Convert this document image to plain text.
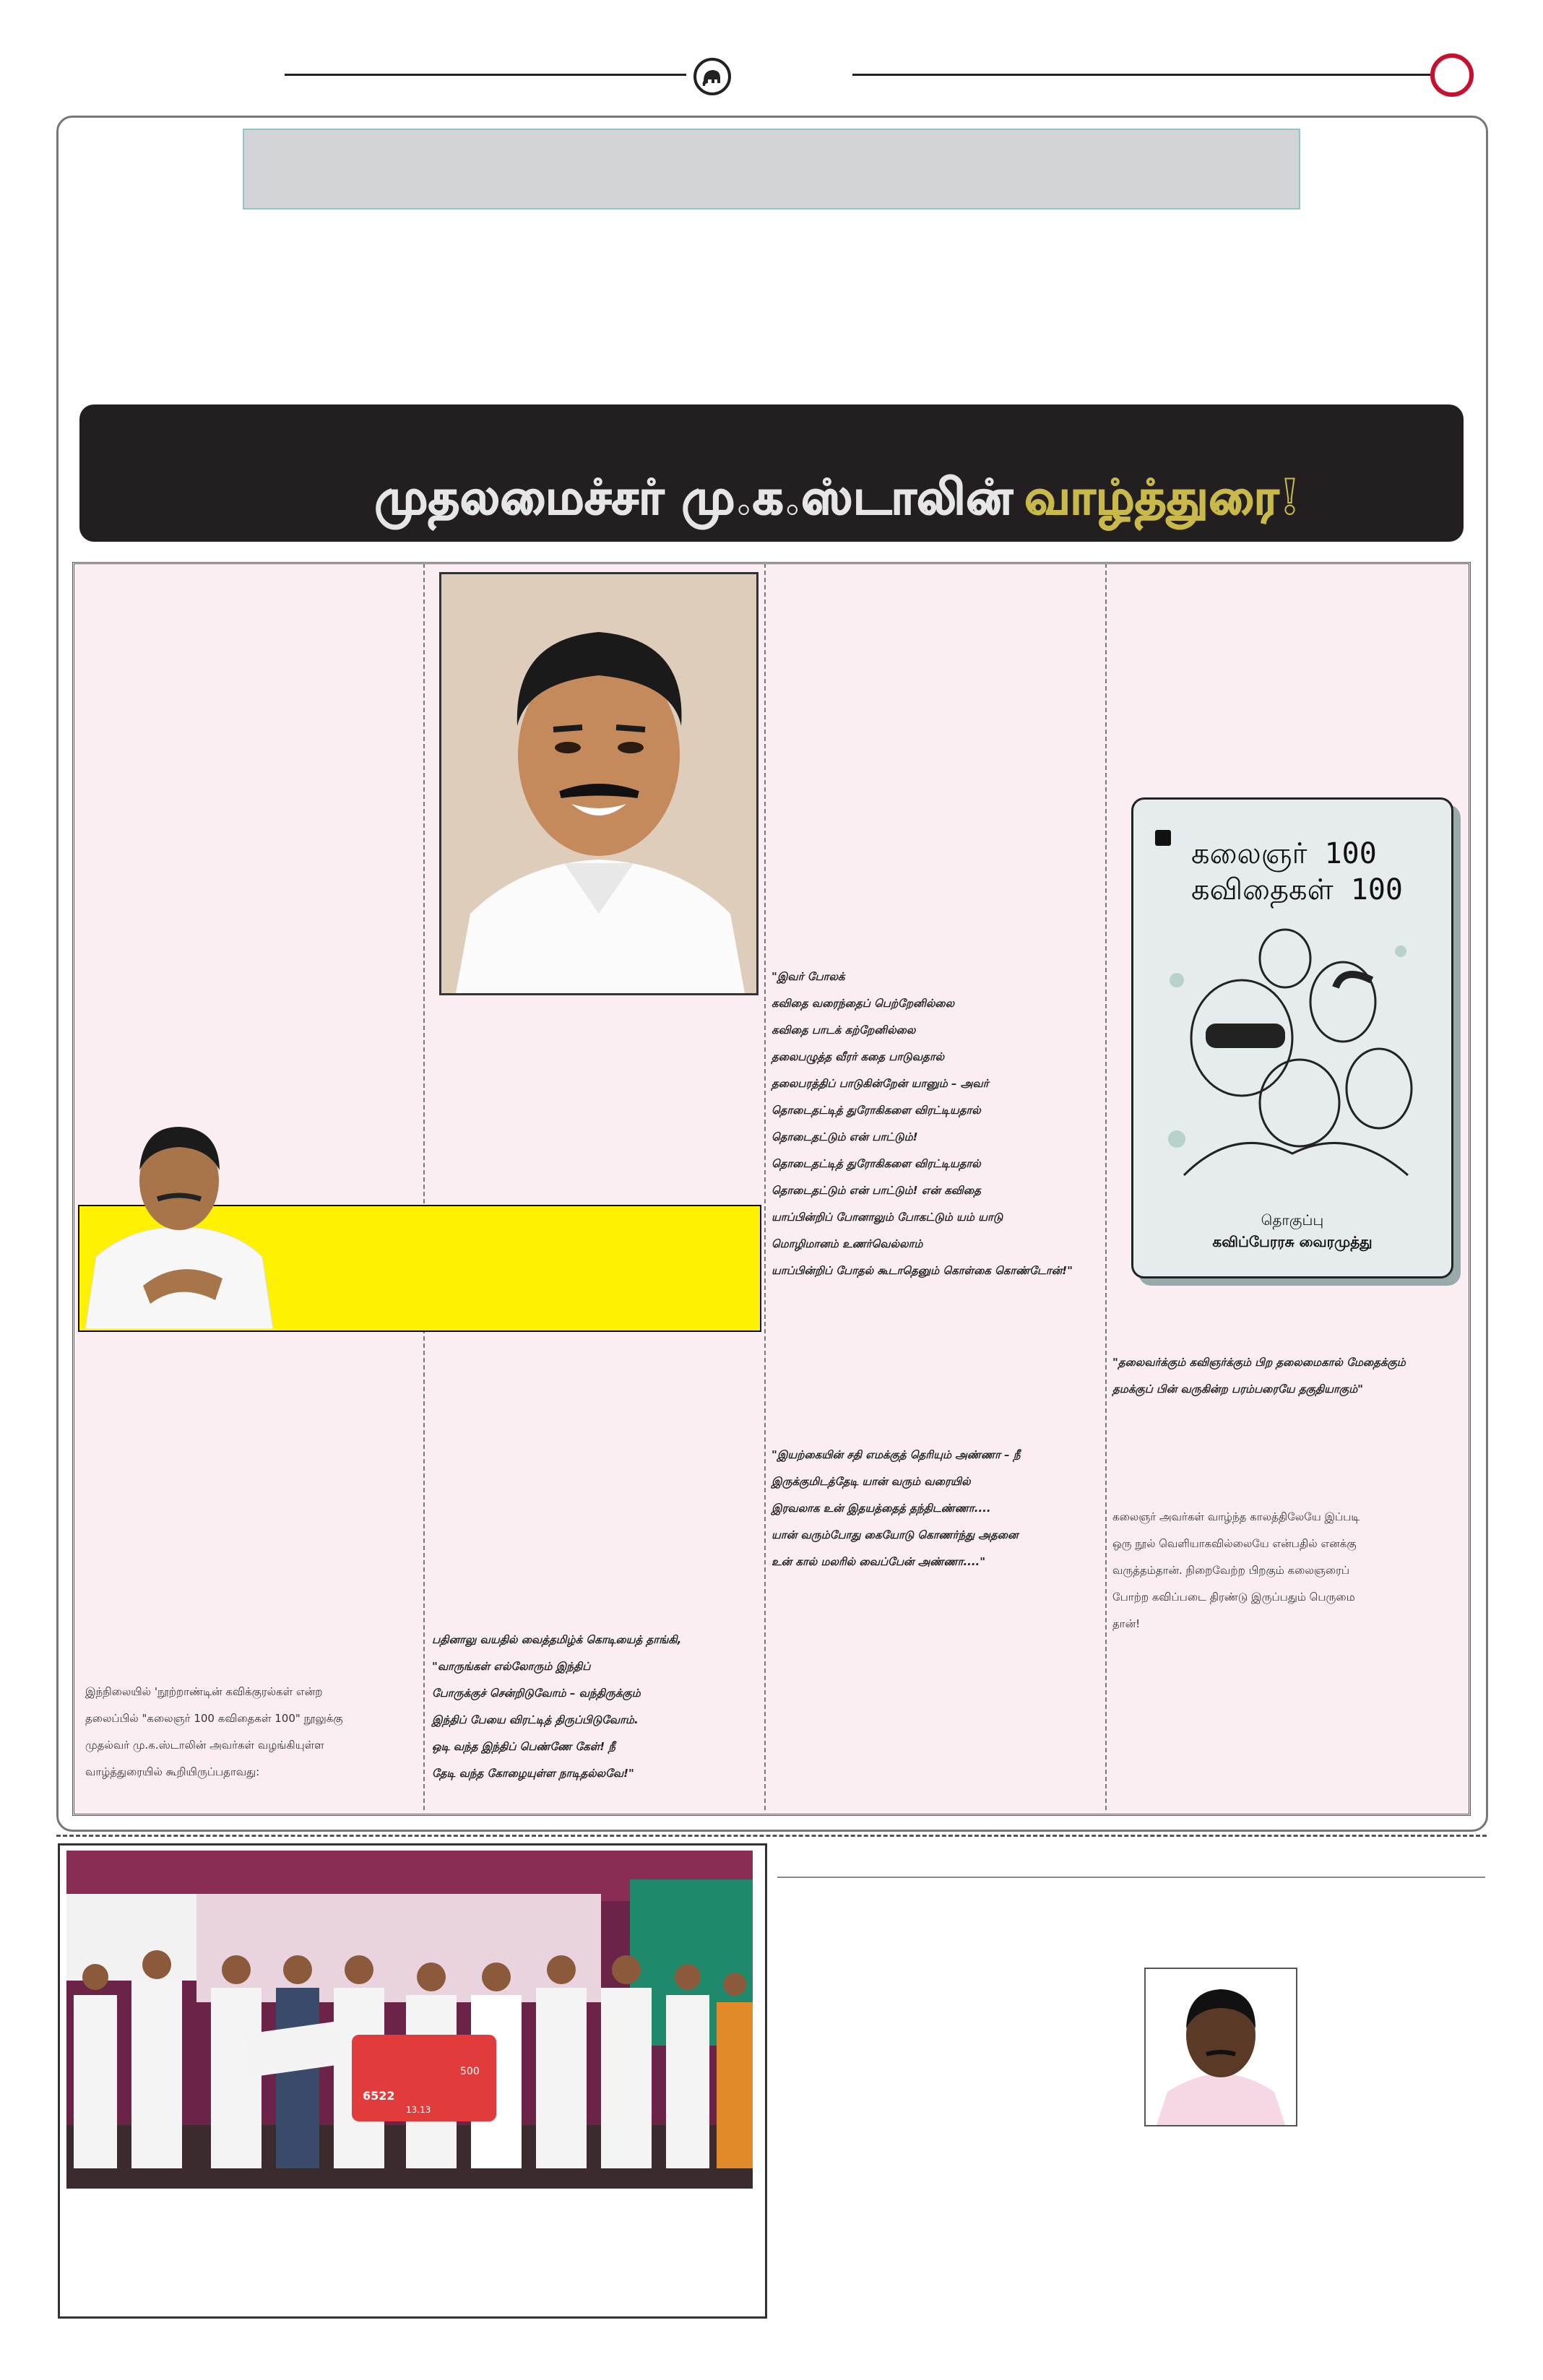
முதலமைச்சர் மு.க.ஸ்டாலின் வாழ்த்துரை!
கலைஞர் 100
கவிதைகள் 100
தொகுப்பு
கவிப்பேரரசு வைரமுத்து
இந்நிலையில் 'நூற்றாண்டின் கவிக்குரல்கள் என்ற
தலைப்பில் "கலைஞர் 100 கவிதைகள் 100" நூலுக்கு
முதல்வர் மு.க.ஸ்டாலின் அவர்கள் வழங்கியுள்ள
வாழ்த்துரையில் கூறியிருப்பதாவது:
பதினாலு வயதில் வைத்தமிழ்க் கொடியைத் தாங்கி,
"வாருங்கள் எல்லோரும் இந்திப்
போருக்குச் சென்றிடுவோம் – வந்திருக்கும்
இந்திப் பேயை விரட்டித் திருப்பிடுவோம்.
ஒடி வந்த இந்திப் பெண்ணே கேள்! நீ
தேடி வந்த கோழையுள்ள நாடிதல்லவே!"
"இவர் போலக்
கவிதை வரைந்தைப் பெற்றேனில்லை
கவிதை பாடக் கற்றேனில்லை
தலைபழுத்த வீரர் கதை பாடுவதால்
தலைபரத்திப் பாடுகின்றேன் யானும் – அவர்
தொடைதட்டித் துரோகிகளை விரட்டியதால்
தொடைதட்டும் என் பாட்டும்!
தொடைதட்டித் துரோகிகளை விரட்டியதால்
தொடைதட்டும் என் பாட்டும்! என் கவிதை
யாப்பின்றிப் போனாலும் போகட்டும் யம் யாடு
மொழிமானம் உணர்வெல்லாம்
யாப்பின்றிப் போதல் கூடாதெனும் கொள்கை கொண்டோன்!"
"இயற்கையின் சதி எமக்குத் தெரியும் அண்ணா – நீ
இருக்குமிடத்தேடி யான் வரும் வரையில்
இரவலாக உன் இதயத்தைத் தந்திடண்ணா....
யான் வரும்போது கையோடு கொணர்ந்து அதனை
உன் கால் மலரில் வைப்பேன் அண்ணா...."
"தலைவர்க்கும் கவிஞர்க்கும் பிற தலைமைகால் மேதைக்கும்
தமக்குப் பின் வருகின்ற பரம்பரையே தகுதியாகும்"
கலைஞர் அவர்கள் வாழ்ந்த காலத்திலேயே இப்படி
ஒரு நூல் வெளியாகவில்லையே என்பதில் எனக்கு
வருத்தம்தான். நிறைவேற்ற பிறகும் கலைஞரைப்
போற்ற கவிப்படை திரண்டு இருப்பதும் பெருமை
தான்!
6522
500
13.13
